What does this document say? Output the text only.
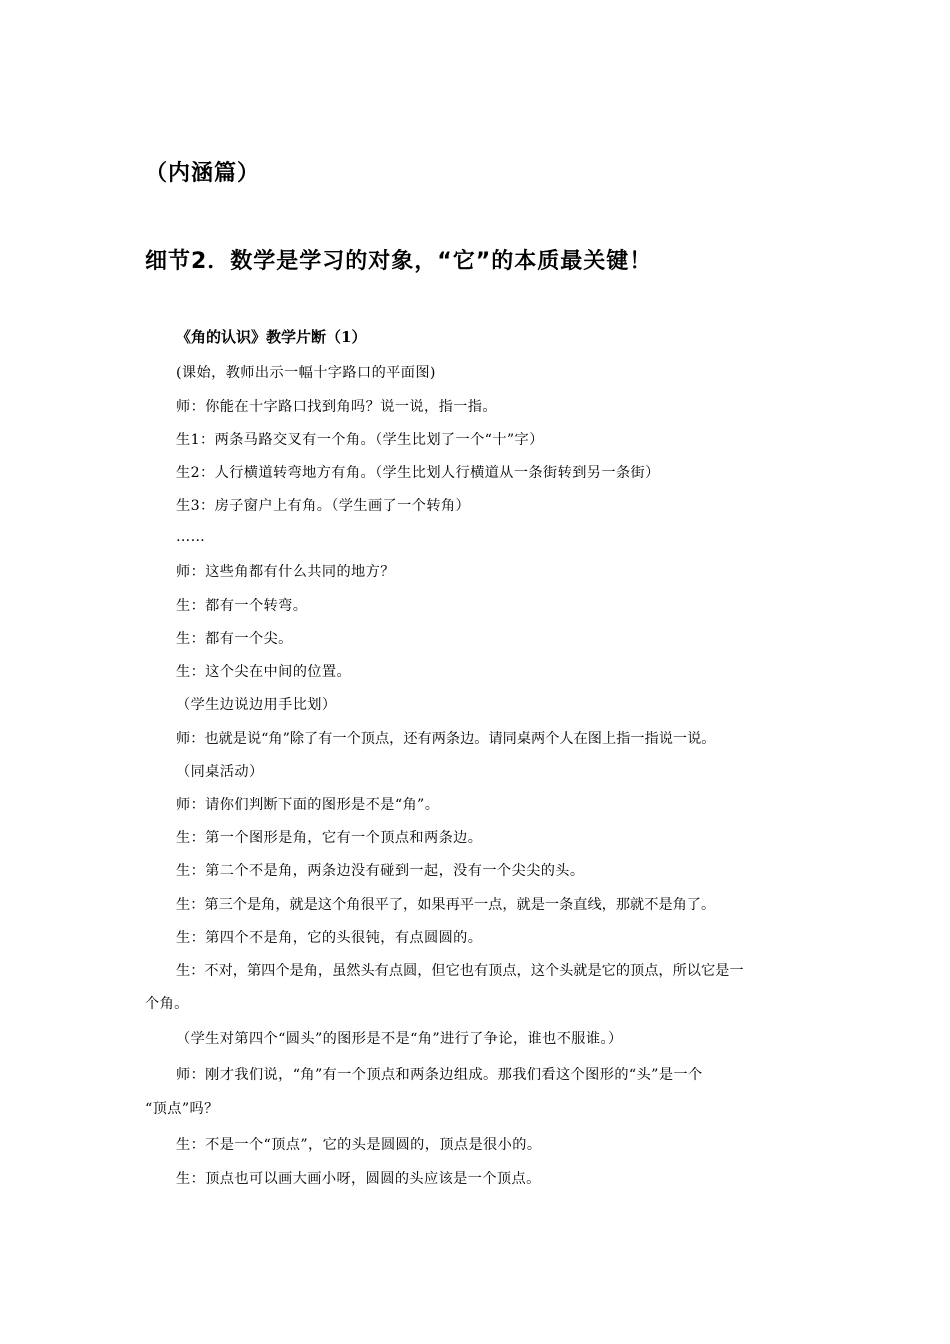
（内涵篇）
细节2．数学是学习的对象，“它”的本质最关键！
《角的认识》教学片断（1）
(课始，教师出示一幅十字路口的平面图)
师：你能在十字路口找到角吗？说一说，指一指。
生1：两条马路交叉有一个角。（学生比划了一个“十”字）
生2：人行横道转弯地方有角。（学生比划人行横道从一条街转到另一条街）
生3：房子窗户上有角。（学生画了一个转角）
……
师：这些角都有什么共同的地方？
生：都有一个转弯。
生：都有一个尖。
生：这个尖在中间的位置。
（学生边说边用手比划）
师：也就是说“角”除了有一个顶点，还有两条边。请同桌两个人在图上指一指说一说。
（同桌活动）
师：请你们判断下面的图形是不是“角”。
生：第一个图形是角，它有一个顶点和两条边。
生：第二个不是角，两条边没有碰到一起，没有一个尖尖的头。
生：第三个是角，就是这个角很平了，如果再平一点，就是一条直线，那就不是角了。
生：第四个不是角，它的头很钝，有点圆圆的。
生：不对，第四个是角，虽然头有点圆，但它也有顶点，这个头就是它的顶点，所以它是一
个角。
（学生对第四个“圆头”的图形是不是“角”进行了争论，谁也不服谁。）
师：刚才我们说，“角”有一个顶点和两条边组成。那我们看这个图形的“头”是一个
“顶点”吗？
生：不是一个“顶点”，它的头是圆圆的，顶点是很小的。
生：顶点也可以画大画小呀，圆圆的头应该是一个顶点。
